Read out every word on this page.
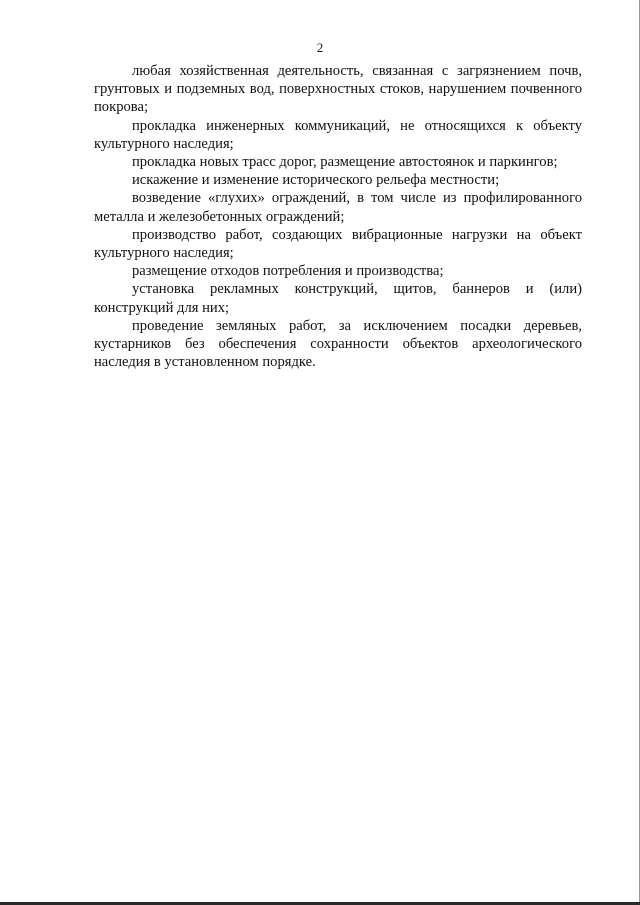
2

любая хозяйственная деятельность, связанная с загрязнением почв, грунтовых и подземных вод, поверхностных стоков, нарушением почвенного покрова;

прокладка инженерных коммуникаций, не относящихся к объекту культурного наследия;

прокладка новых трасс дорог, размещение автостоянок и паркингов;

искажение и изменение исторического рельефа местности;

возведение «глухих» ограждений, в том числе из профилированного металла и железобетонных ограждений;

производство работ, создающих вибрационные нагрузки на объект культурного наследия;

размещение отходов потребления и производства;

установка рекламных конструкций, щитов, баннеров и (или) конструкций для них;

проведение земляных работ, за исключением посадки деревьев, кустарников без обеспечения сохранности объектов археологического наследия в установленном порядке.
